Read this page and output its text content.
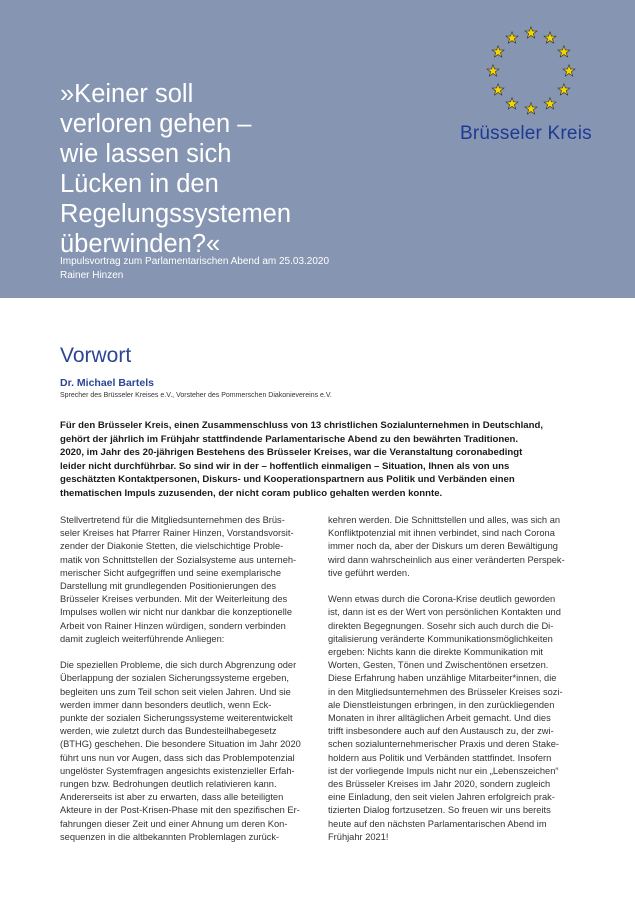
»Keiner soll
verloren gehen –
wie lassen sich
Lücken in den
Regelungssystemen
überwinden?«
Impulsvortrag zum Parlamentarischen Abend am 25.03.2020
Rainer Hinzen
Brüsseler Kreis
Vorwort
Dr. Michael Bartels
Sprecher des Brüsseler Kreises e.V., Vorsteher des Pommerschen Diakonievereins e.V.
Für den Brüsseler Kreis, einen Zusammenschluss von 13 christlichen Sozialunternehmen in Deutschland,
gehört der jährlich im Frühjahr stattfindende Parlamentarische Abend zu den bewährten Traditionen.
2020, im Jahr des 20-jährigen Bestehens des Brüsseler Kreises, war die Veranstaltung coronabedingt
leider nicht durchführbar. So sind wir in der – hoffentlich einmaligen – Situation, Ihnen als von uns
geschätzten Kontaktpersonen, Diskurs- und Kooperationspartnern aus Politik und Verbänden einen
thematischen Impuls zuzusenden, der nicht coram publico gehalten werden konnte.
Stellvertretend für die Mitgliedsunternehmen des Brüs-
seler Kreises hat Pfarrer Rainer Hinzen, Vorstandsvorsit-
zender der Diakonie Stetten, die vielschichtige Proble-
matik von Schnittstellen der Sozialsysteme aus unterneh-
merischer Sicht aufgegriffen und seine exemplarische
Darstellung mit grundlegenden Positionierungen des
Brüsseler Kreises verbunden. Mit der Weiterleitung des
Impulses wollen wir nicht nur dankbar die konzeptionelle
Arbeit von Rainer Hinzen würdigen, sondern verbinden
damit zugleich weiterführende Anliegen:
Die speziellen Probleme, die sich durch Abgrenzung oder
Überlappung der sozialen Sicherungssysteme ergeben,
begleiten uns zum Teil schon seit vielen Jahren. Und sie
werden immer dann besonders deutlich, wenn Eck-
punkte der sozialen Sicherungssysteme weiterentwickelt
werden, wie zuletzt durch das Bundesteilhabegesetz
(BTHG) geschehen. Die besondere Situation im Jahr 2020
führt uns nun vor Augen, dass sich das Problempotenzial
ungelöster Systemfragen angesichts existenzieller Erfah-
rungen bzw. Bedrohungen deutlich relativieren kann.
Andererseits ist aber zu erwarten, dass alle beteiligten
Akteure in der Post-Krisen-Phase mit den spezifischen Er-
fahrungen dieser Zeit und einer Ahnung um deren Kon-
sequenzen in die altbekannten Problemlagen zurück-
kehren werden. Die Schnittstellen und alles, was sich an
Konfliktpotenzial mit ihnen verbindet, sind nach Corona
immer noch da, aber der Diskurs um deren Bewältigung
wird dann wahrscheinlich aus einer veränderten Perspek-
tive geführt werden.
Wenn etwas durch die Corona-Krise deutlich geworden
ist, dann ist es der Wert von persönlichen Kontakten und
direkten Begegnungen. Sosehr sich auch durch die Di-
gitalisierung veränderte Kommunikationsmöglichkeiten
ergeben: Nichts kann die direkte Kommunikation mit
Worten, Gesten, Tönen und Zwischentönen ersetzen.
Diese Erfahrung haben unzählige Mitarbeiter*innen, die
in den Mitgliedsunternehmen des Brüsseler Kreises sozi-
ale Dienstleistungen erbringen, in den zurückliegenden
Monaten in ihrer alltäglichen Arbeit gemacht. Und dies
trifft insbesondere auch auf den Austausch zu, der zwi-
schen sozialunternehmerischer Praxis und deren Stake-
holdern aus Politik und Verbänden stattfindet. Insofern
ist der vorliegende Impuls nicht nur ein „Lebenszeichen“
des Brüsseler Kreises im Jahr 2020, sondern zugleich
eine Einladung, den seit vielen Jahren erfolgreich prak-
tizierten Dialog fortzusetzen. So freuen wir uns bereits
heute auf den nächsten Parlamentarischen Abend im
Frühjahr 2021!
